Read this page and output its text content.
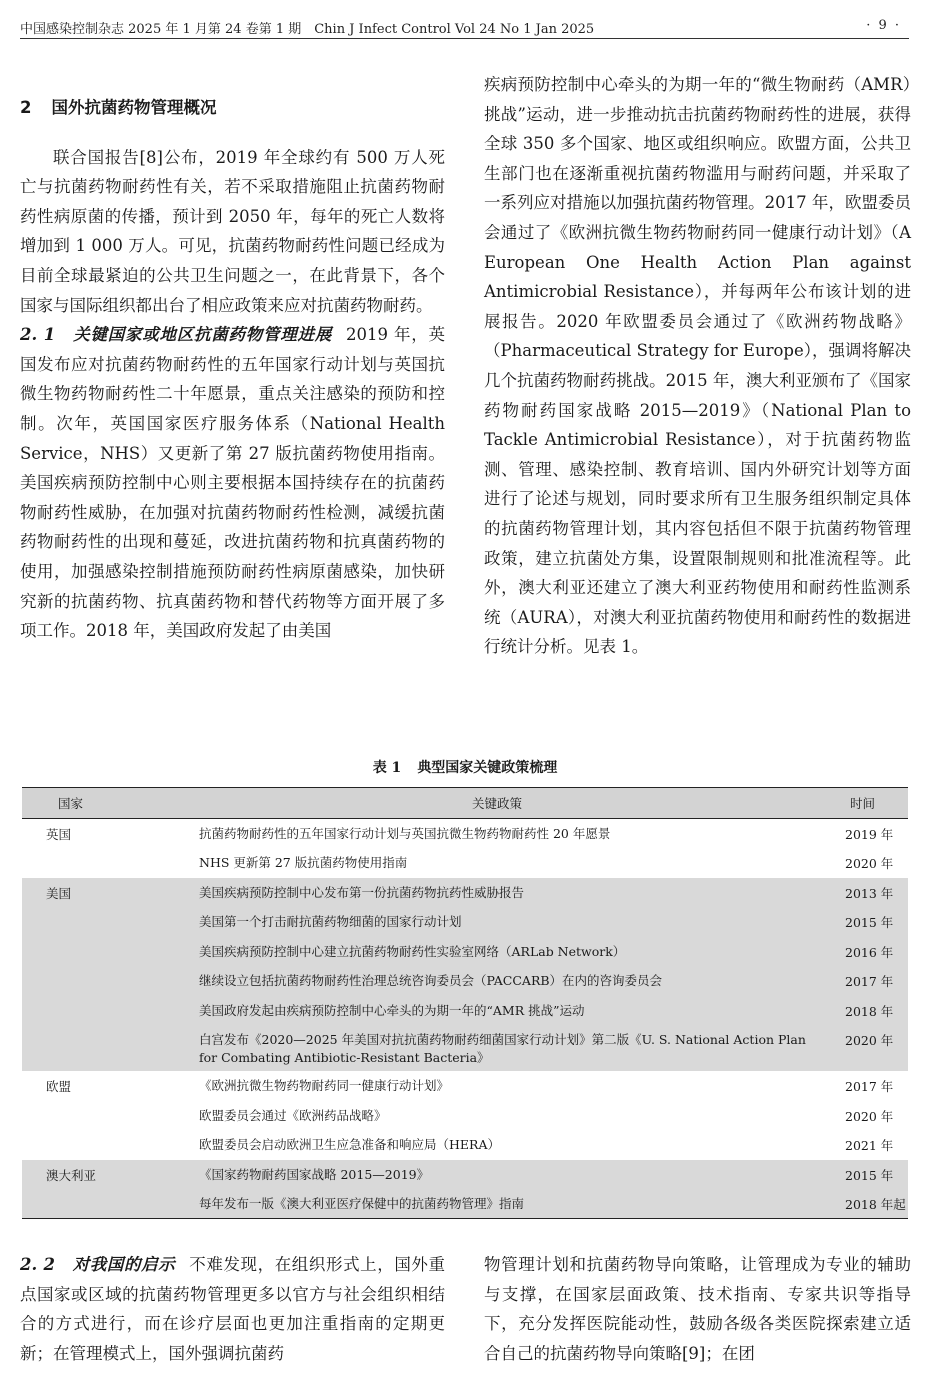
中国感染控制杂志 2025 年 1 月第 24 卷第 1 期　Chin J Infect Control Vol 24 No 1 Jan 2025	· 9 ·
2 国外抗菌药物管理概况

联合国报告[8]公布，2019 年全球约有 500 万人死亡与抗菌药物耐药性有关，若不采取措施阻止抗菌药物耐药性病原菌的传播，预计到 2050 年，每年的死亡人数将增加到 1 000 万人。可见，抗菌药物耐药性问题已经成为目前全球最紧迫的公共卫生问题之一，在此背景下，各个国家与国际组织都出台了相应政策来应对抗菌药物耐药。

2. 1　关键国家或地区抗菌药物管理进展 2019 年，英国发布应对抗菌药物耐药性的五年国家行动计划与英国抗微生物药物耐药性二十年愿景，重点关注感染的预防和控制。次年，英国国家医疗服务体系（National Health Service，NHS）又更新了第 27 版抗菌药物使用指南。美国疾病预防控制中心则主要根据本国持续存在的抗菌药物耐药性威胁，在加强对抗菌药物耐药性检测，减缓抗菌药物耐药性的出现和蔓延，改进抗菌药物和抗真菌药物的使用，加强感染控制措施预防耐药性病原菌感染，加快研究新的抗菌药物、抗真菌药物和替代药物等方面开展了多项工作。2018 年，美国政府发起了由美国

疾病预防控制中心牵头的为期一年的“微生物耐药（AMR）挑战”运动，进一步推动抗击抗菌药物耐药性的进展，获得全球 350 多个国家、地区或组织响应。欧盟方面，公共卫生部门也在逐渐重视抗菌药物滥用与耐药问题，并采取了一系列应对措施以加强抗菌药物管理。2017 年，欧盟委员会通过了《欧洲抗微生物药物耐药同一健康行动计划》（A European One Health Action Plan against Antimicrobial Resistance），并每两年公布该计划的进展报告。2020 年欧盟委员会通过了《欧洲药物战略》（Pharmaceutical Strategy for Europe），强调将解决几个抗菌药物耐药挑战。2015 年，澳大利亚颁布了《国家药物耐药国家战略 2015—2019》（National Plan to Tackle Antimicrobial Resistance），对于抗菌药物监测、管理、感染控制、教育培训、国内外研究计划等方面进行了论述与规划，同时要求所有卫生服务组织制定具体的抗菌药物管理计划，其内容包括但不限于抗菌药物管理政策，建立抗菌处方集，设置限制规则和批准流程等。此外，澳大利亚还建立了澳大利亚药物使用和耐药性监测系统（AURA），对澳大利亚抗菌药物使用和耐药性的数据进行统计分析。见表 1。

表 1 典型国家关键政策梳理
国家	关键政策	时间
英国	抗菌药物耐药性的五年国家行动计划与英国抗微生物药物耐药性 20 年愿景	2019 年
	NHS 更新第 27 版抗菌药物使用指南	2020 年
美国	美国疾病预防控制中心发布第一份抗菌药物抗药性威胁报告	2013 年
	美国第一个打击耐抗菌药物细菌的国家行动计划	2015 年
	美国疾病预防控制中心建立抗菌药物耐药性实验室网络（ARLab Network）	2016 年
	继续设立包括抗菌药物耐药性治理总统咨询委员会（PACCARB）在内的咨询委员会	2017 年
	美国政府发起由疾病预防控制中心牵头的为期一年的“AMR 挑战”运动	2018 年
	白宫发布《2020—2025 年美国对抗抗菌药物耐药细菌国家行动计划》第二版《U. S. National Action Plan for Combating Antibiotic-Resistant Bacteria》	2020 年
欧盟	《欧洲抗微生物药物耐药同一健康行动计划》	2017 年
	欧盟委员会通过《欧洲药品战略》	2020 年
	欧盟委员会启动欧洲卫生应急准备和响应局（HERA）	2021 年
澳大利亚	《国家药物耐药国家战略 2015—2019》	2015 年
	每年发布一版《澳大利亚医疗保健中的抗菌药物管理》指南	2018 年起

2. 2　对我国的启示 不难发现，在组织形式上，国外重点国家或区域的抗菌药物管理更多以官方与社会组织相结合的方式进行，而在诊疗层面也更加注重指南的定期更新；在管理模式上，国外强调抗菌药

物管理计划和抗菌药物导向策略，让管理成为专业的辅助与支撑，在国家层面政策、技术指南、专家共识等指导下，充分发挥医院能动性，鼓励各级各类医院探索建立适合自己的抗菌药物导向策略[9]；在团
